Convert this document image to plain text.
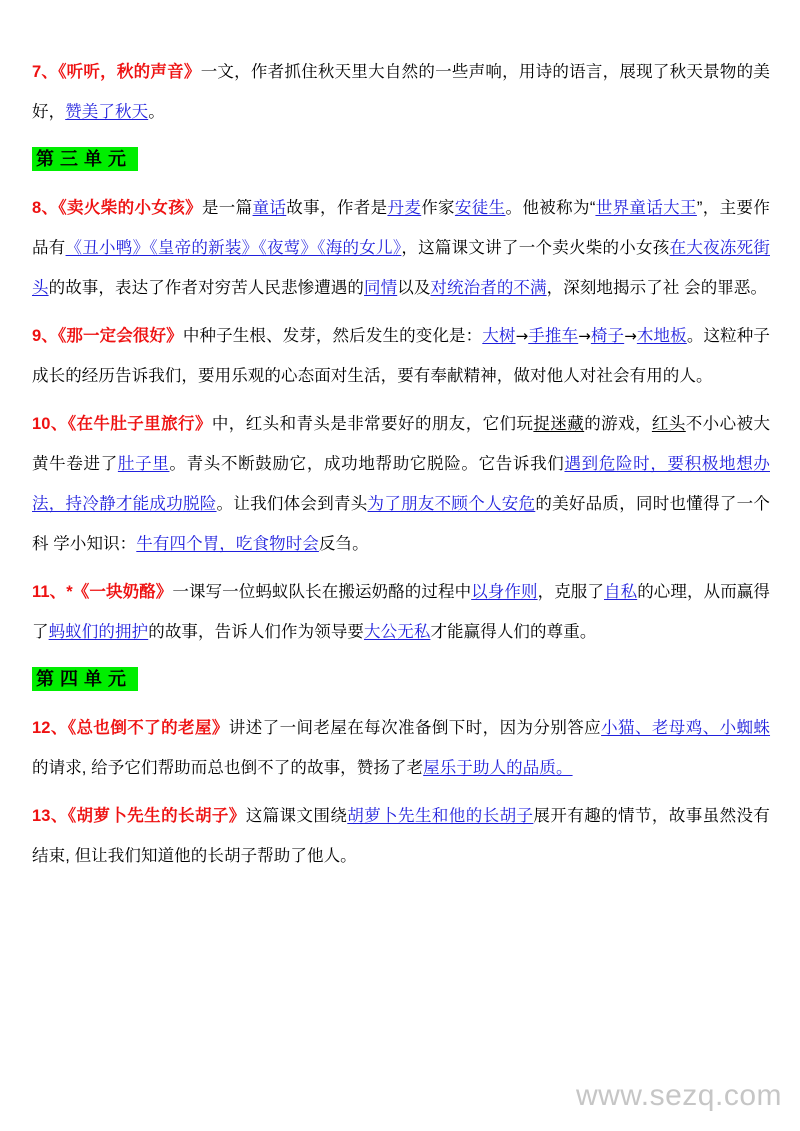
7、《听听，秋的声音》一文，作者抓住秋天里大自然的一些声响，用诗的语言，展现了秋天景物的美好，赞美了秋天。

第三单元

8、《卖火柴的小女孩》是一篇童话故事，作者是丹麦作家安徒生。他被称为“世界童话大王”，主要作品有《丑小鸭》《皇帝的新装》《夜莺》《海的女儿》，这篇课文讲了一个卖火柴的小女孩在大夜冻死街头的故事，表达了作者对穷苦人民悲惨遭遇的同情以及对统治者的不满，深刻地揭示了社 会的罪恶。

9、《那一定会很好》中种子生根、发芽，然后发生的变化是：大树→手推车→椅子→木地板。这粒种子成长的经历告诉我们，要用乐观的心态面对生活，要有奉献精神，做对他人对社会有用的人。

10、《在牛肚子里旅行》中，红头和青头是非常要好的朋友，它们玩捉迷藏的游戏，红头不小心被大黄牛卷进了肚子里。青头不断鼓励它，成功地帮助它脱险。它告诉我们遇到危险时，要积极地想办法，持冷静才能成功脱险。让我们体会到青头为了朋友不顾个人安危的美好品质，同时也懂得了一个科 学小知识：牛有四个胃，吃食物时会反刍。

11、*《一块奶酪》一课写一位蚂蚁队长在搬运奶酪的过程中以身作则，克服了自私的心理，从而赢得了蚂蚁们的拥护的故事，告诉人们作为领导要大公无私才能赢得人们的尊重。

第四单元

12、《总也倒不了的老屋》讲述了一间老屋在每次准备倒下时，因为分别答应小猫、老母鸡、小蜘蛛的请求, 给予它们帮助而总也倒不了的故事，赞扬了老屋乐于助人的品质。

13、《胡萝卜先生的长胡子》这篇课文围绕胡萝卜先生和他的长胡子展开有趣的情节，故事虽然没有结束, 但让我们知道他的长胡子帮助了他人。

www.sezq.com
